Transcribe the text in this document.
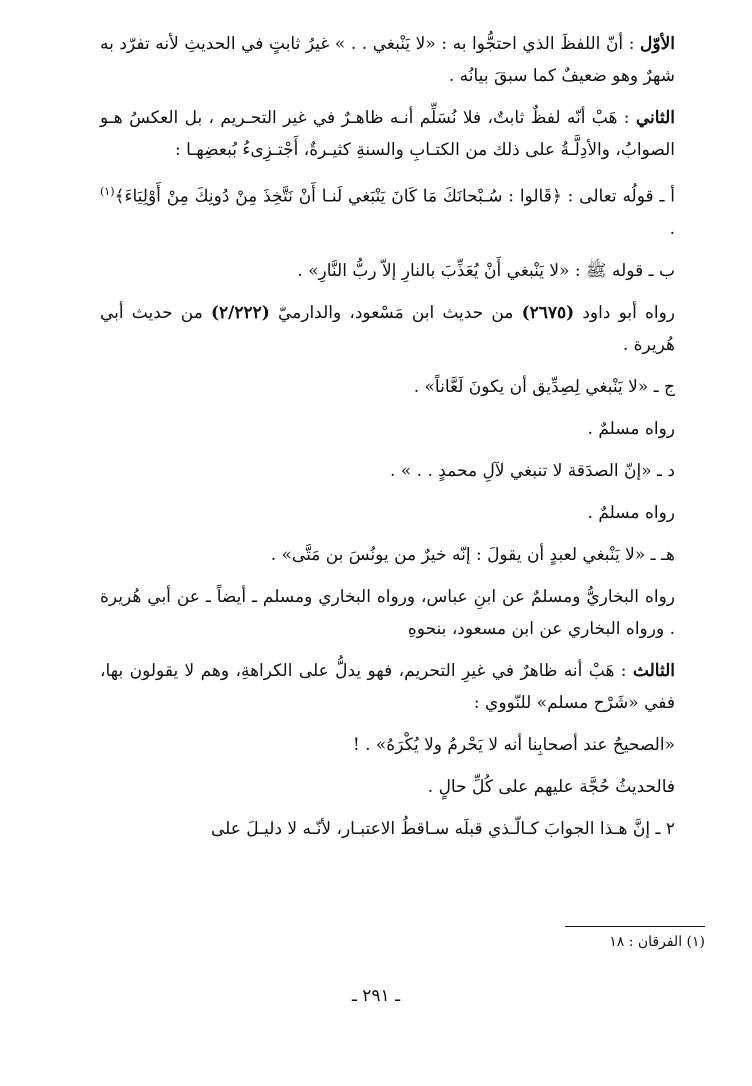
الأوّل : أنّ اللفظَ الذي احتجُّوا به : «لا يَنْبغي . . » غيرُ ثابتٍ في الحديثِ لأنه تفرّد به شهرٌ وهو ضعيفٌ كما سبقَ بيانُه .

الثاني : هَبْ أنّه لفظٌ ثابتٌ، فلا نُسَلِّم أنـه ظاهـرٌ في غير التحـريم ، بل العكسُ هـو الصوابُ، والأدِلَّـةُ على ذلك من الكتـابِ والسنةِ كثيـرةٌ، أَجْتـزِىءُ بُبعضِهـا :

أ ـ قولُه تعالى : ﴿قَالوا : سُـبْحانَكَ مَا كَانَ يَنْبَغي لَنـا أَنْ نَتَّخِذَ مِنْ دُونِكَ مِنْ أَوْلِيَاءَ﴾$^{(١)}$ .

ب ـ قوله ﷺ : «لا يَنْبغي أَنْ يُعَذِّبَ بالنارِ إلاّ ربُّ النَّارِ» .

رواه أبو داود (٢٦٧٥) من حديث ابن مَسْعود، والدارميّ (٢/٢٢٢) من حديث أبي هُريرة .

ج ـ «لا يَنْبغي لِصِدِّيق أن يكونَ لَعَّاناً» .

رواه مسلمٌ .

د ـ «إنّ الصدَقة لا تنبغي لآلِ محمدٍ . . » .

رواه مسلمٌ .

هـ ـ «لا يَنْبغي لعبدٍ أن يقولَ : إنّه خيرٌ من يونُسَ بن مَتَّى» .

رواه البخاريُّ ومسلمٌ عن ابنِ عباس، ورواه البخاري ومسلم ـ أيضاً ـ عن أبي هُريرة . ورواه البخاري عن ابن مسعود، بنحوهِ

الثالث : هَبْ أنه ظاهرٌ في غيرِ التحريم، فهو يدلُّ على الكراهةِ، وهم لا يقولون بها، ففي «شَرْح مسلم» للنّووي :

«الصحيحُ عند أصحابِنا أنه لا يَحْرمُ ولا يُكْرَهُ» . !

فالحديثُ حُجَّة عليهم على كُلِّ حالٍ .

٢ ـ إنَّ هـذا الجوابَ كـالّـذي قبلَه سـاقطُ الاعتبـار، لأنّـه لا دليـلَ على

(١) الفرقان : ١٨
ـ ٢٩١ ـ
